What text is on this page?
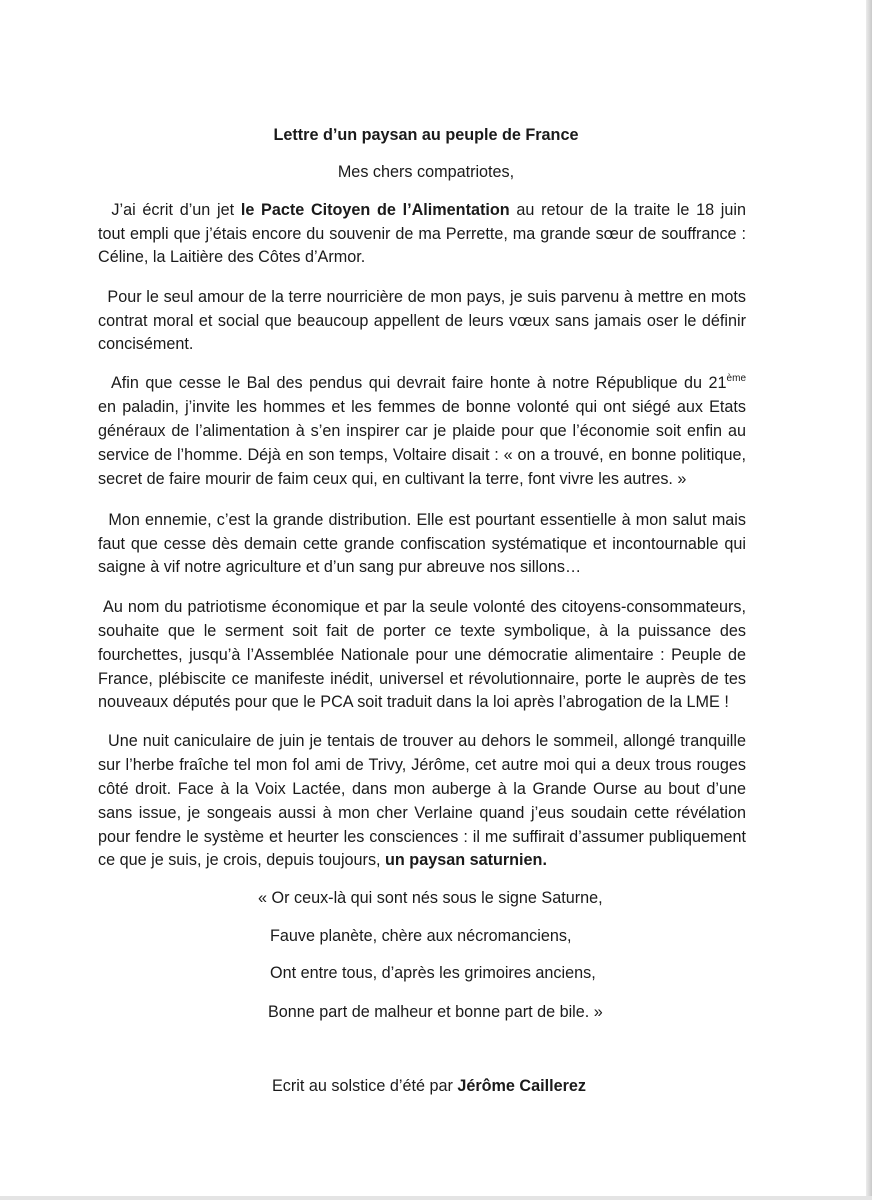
Lettre d’un paysan au peuple de France
Mes chers compatriotes,
J’ai écrit d’un jet le Pacte Citoyen de l’Alimentation au retour de la traite le 18 juin
tout empli que j’étais encore du souvenir de ma Perrette, ma grande sœur de souffrance :
Céline, la Laitière des Côtes d’Armor.
Pour le seul amour de la terre nourricière de mon pays, je suis parvenu à mettre en mots
contrat moral et social que beaucoup appellent de leurs vœux sans jamais oser le définir
concisément.
Afin que cesse le Bal des pendus qui devrait faire honte à notre République du 21ème
en paladin, j’invite les hommes et les femmes de bonne volonté qui ont siégé aux Etats
généraux de l’alimentation à s’en inspirer car je plaide pour que l’économie soit enfin au
service de l’homme. Déjà en son temps, Voltaire disait : « on a trouvé, en bonne politique,
secret de faire mourir de faim ceux qui, en cultivant la terre, font vivre les autres. »
Mon ennemie, c’est la grande distribution. Elle est pourtant essentielle à mon salut mais
faut que cesse dès demain cette grande confiscation systématique et incontournable qui
saigne à vif notre agriculture et d’un sang pur abreuve nos sillons…
Au nom du patriotisme économique et par la seule volonté des citoyens-consommateurs,
souhaite que le serment soit fait de porter ce texte symbolique, à la puissance des
fourchettes, jusqu’à l’Assemblée Nationale pour une démocratie alimentaire : Peuple de
France, plébiscite ce manifeste inédit, universel et révolutionnaire, porte le auprès de tes
nouveaux députés pour que le PCA soit traduit dans la loi après l’abrogation de la LME !
Une nuit caniculaire de juin je tentais de trouver au dehors le sommeil, allongé tranquille
sur l’herbe fraîche tel mon fol ami de Trivy, Jérôme, cet autre moi qui a deux trous rouges
côté droit. Face à la Voix Lactée, dans mon auberge à la Grande Ourse au bout d’une
sans issue, je songeais aussi à mon cher Verlaine quand j’eus soudain cette révélation
pour fendre le système et heurter les consciences : il me suffirait d’assumer publiquement
ce que je suis, je crois, depuis toujours, un paysan saturnien.
« Or ceux-là qui sont nés sous le signe Saturne,
Fauve planète, chère aux nécromanciens,
Ont entre tous, d’après les grimoires anciens,
Bonne part de malheur et bonne part de bile. »
Ecrit au solstice d’été par Jérôme Caillerez
